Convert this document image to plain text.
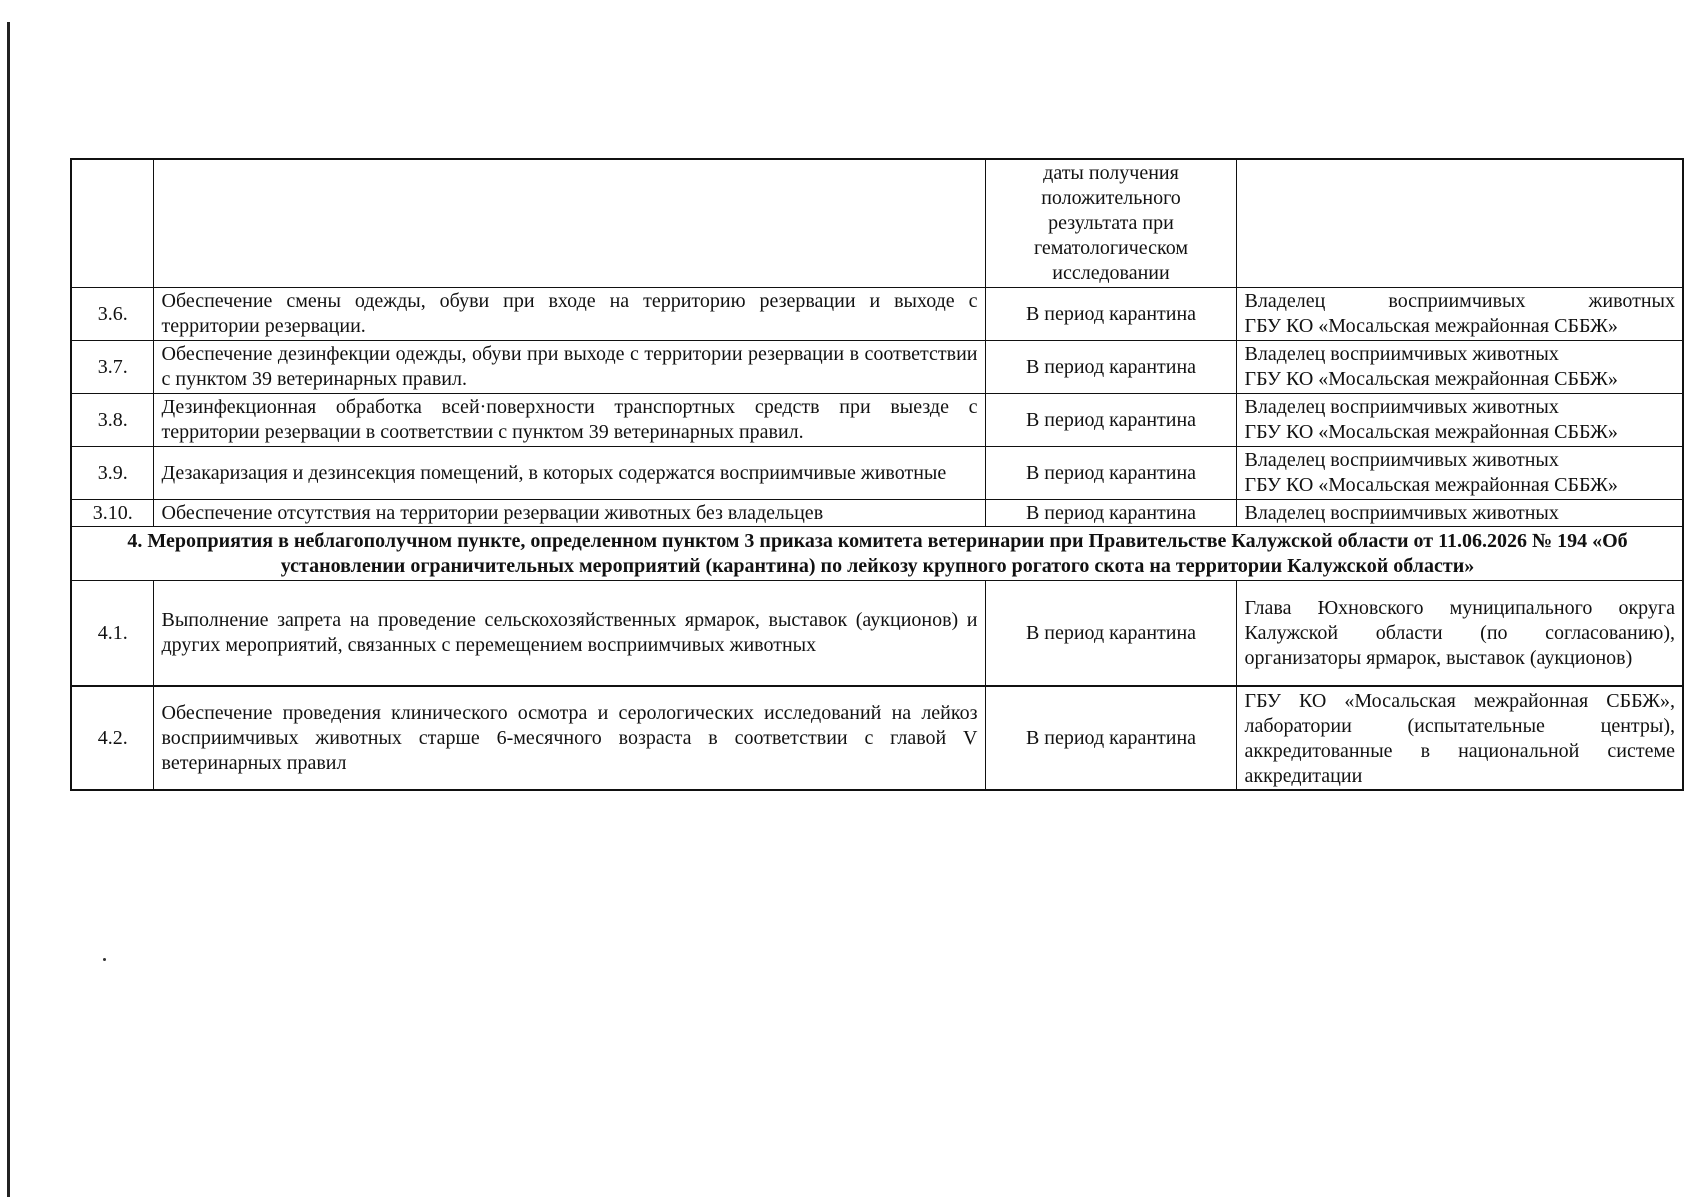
		даты получения
положительного
результата при
гематологическом
исследовании	

3.6.	Обеспечение смены одежды, обуви при входе на территорию резервации и выходе с территории резервации.	В период карантина	Владелец восприимчивых животных
ГБУ КО «Мосальская межрайонная СББЖ»

3.7.	Обеспечение дезинфекции одежды, обуви при выходе с территории резервации в соответствии с пунктом 39 ветеринарных правил.	В период карантина	Владелец восприимчивых животных
ГБУ КО «Мосальская межрайонная СББЖ»

3.8.	Дезинфекционная обработка всей·поверхности транспортных средств при выезде с территории резервации в соответствии с пунктом 39 ветеринарных правил.	В период карантина	Владелец восприимчивых животных
ГБУ КО «Мосальская межрайонная СББЖ»

3.9.	Дезакаризация и дезинсекция помещений, в которых содержатся восприимчивые животные	В период карантина	Владелец восприимчивых животных
ГБУ КО «Мосальская межрайонная СББЖ»

3.10.	Обеспечение отсутствия на территории резервации животных без владельцев	В период карантина	Владелец восприимчивых животных

4. Мероприятия в неблагополучном пункте, определенном пунктом 3 приказа комитета ветеринарии при Правительстве Калужской области от 11.06.2026 № 194 «Об установлении ограничительных мероприятий (карантина) по лейкозу крупного рогатого скота на территории Калужской области»			
4.1.	Выполнение запрета на проведение сельскохозяйственных ярмарок, выставок (аукционов) и других мероприятий, связанных с перемещением восприимчивых животных	В период карантина	Глава Юхновского муниципального округа Калужской области (по согласованию), организаторы ярмарок, выставок (аукционов)
4.2.	Обеспечение проведения клинического осмотра и серологических исследований на лейкоз восприимчивых животных старше 6-месячного возраста в соответствии с главой V ветеринарных правил	В период карантина	ГБУ КО «Мосальская межрайонная СББЖ», лаборатории (испытательные центры), аккредитованные в национальной системе аккредитации
